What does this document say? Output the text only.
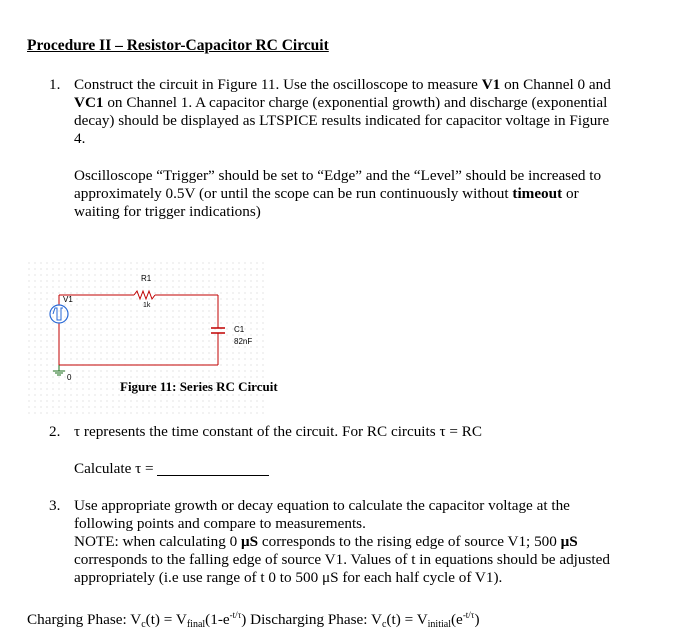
Procedure II – Resistor-Capacitor RC Circuit
1. Construct the circuit in Figure 11. Use the oscilloscope to measure V1 on Channel 0 and
VC1 on Channel 1. A capacitor charge (exponential growth) and discharge (exponential
decay) should be displayed as LTSPICE results indicated for capacitor voltage in Figure
4.
Oscilloscope “Trigger” should be set to “Edge” and the “Level” should be increased to
approximately 0.5V (or until the scope can be run continuously without timeout or
waiting for trigger indications)
R1
1k
V1
C1
82nF
0
Figure 11: Series RC Circuit
2. τ represents the time constant of the circuit. For RC circuits τ = RC
Calculate τ =
3. Use appropriate growth or decay equation to calculate the capacitor voltage at the
following points and compare to measurements.
NOTE: when calculating 0 μS corresponds to the rising edge of source V1; 500 μS
corresponds to the falling edge of source V1. Values of t in equations should be adjusted
appropriately (i.e use range of t 0 to 500 μS for each half cycle of V1).
Charging Phase: $V_c(t) = V_{final}(1-e^{-t/\tau})$ Discharging Phase: $V_c(t) = V_{initial}(e^{-t/\tau})$
